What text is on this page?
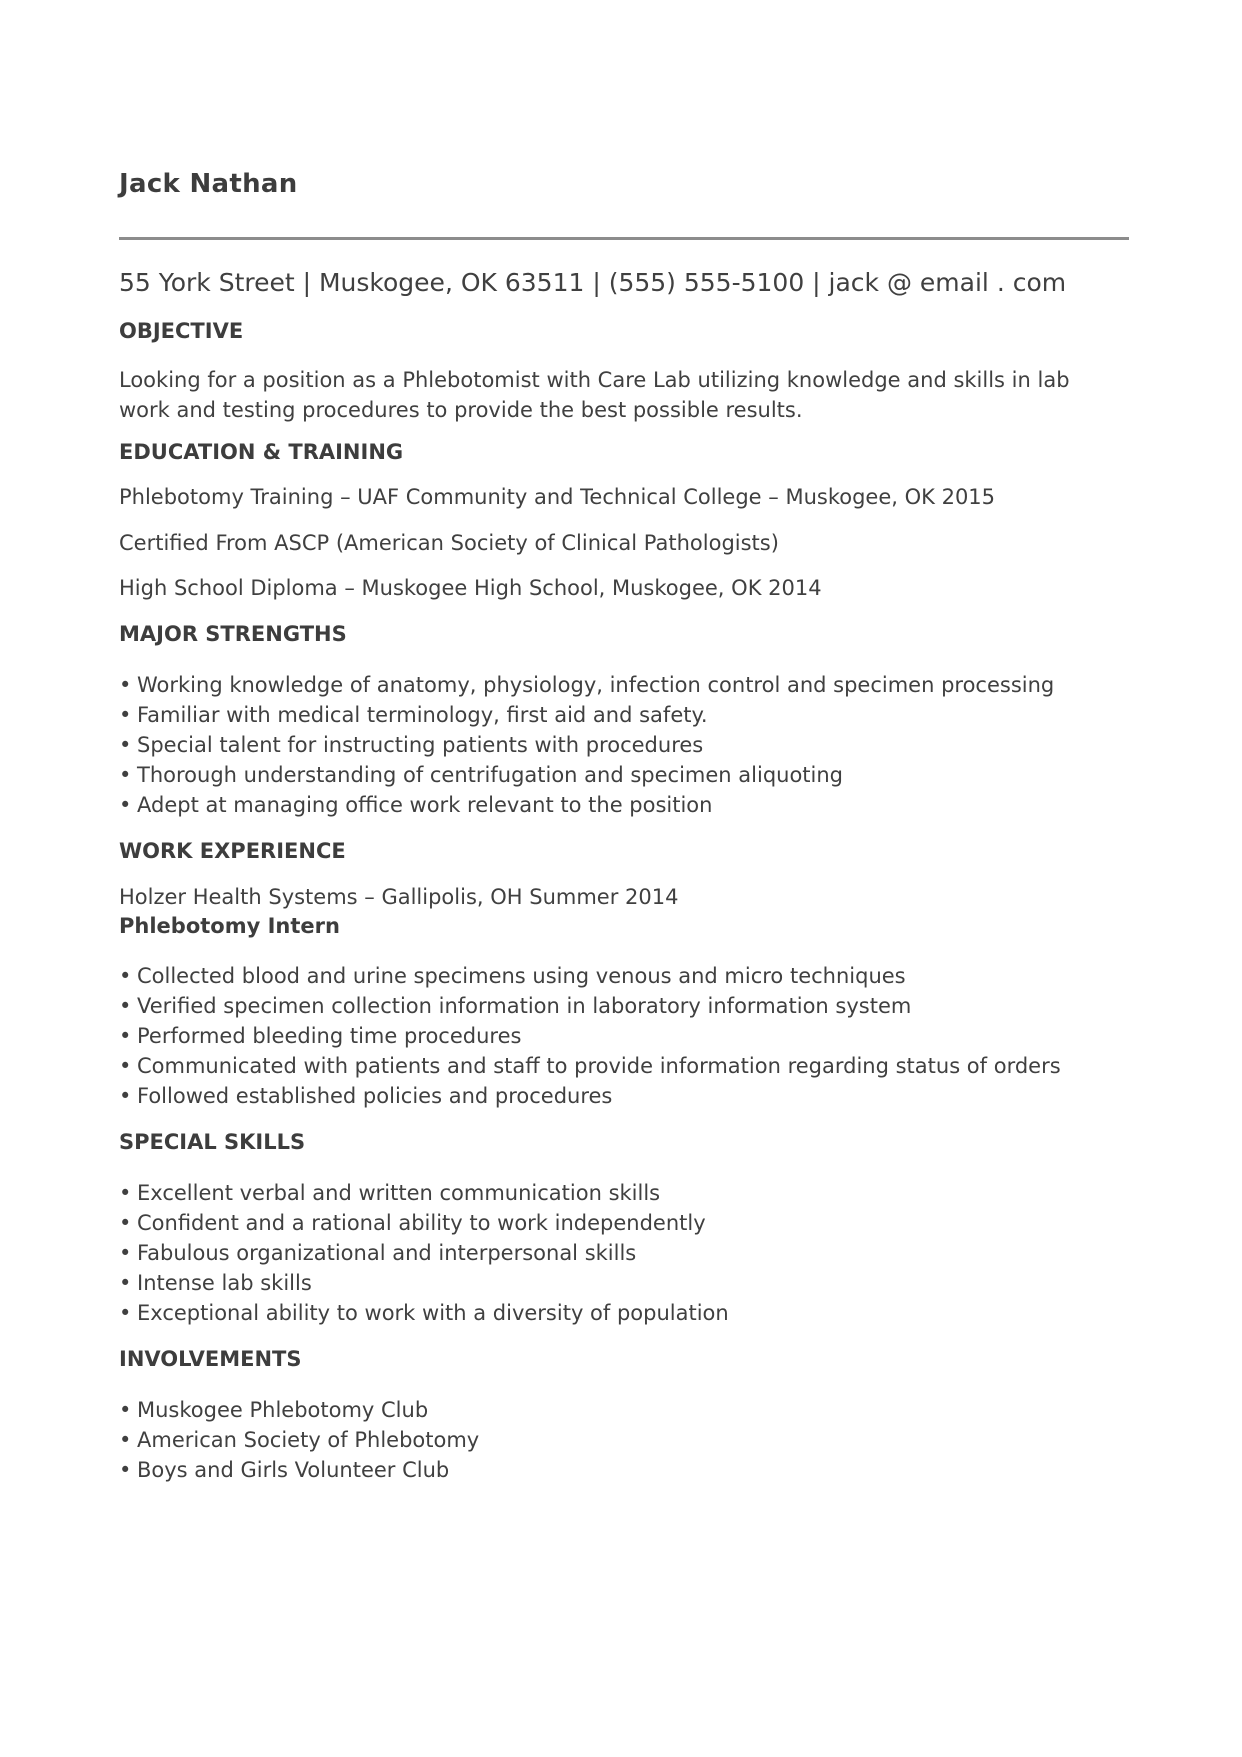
Jack Nathan
55 York Street | Muskogee, OK 63511 | (555) 555-5100 | jack @ email . com
OBJECTIVE

Looking for a position as a Phlebotomist with Care Lab utilizing knowledge and skills in lab
work and testing procedures to provide the best possible results.

EDUCATION & TRAINING

Phlebotomy Training – UAF Community and Technical College – Muskogee, OK 2015

Certified From ASCP (American Society of Clinical Pathologists)

High School Diploma – Muskogee High School, Muskogee, OK 2014

MAJOR STRENGTHS
• Working knowledge of anatomy, physiology, infection control and specimen processing
• Familiar with medical terminology, first aid and safety.
• Special talent for instructing patients with procedures
• Thorough understanding of centrifugation and specimen aliquoting
• Adept at managing office work relevant to the position
WORK EXPERIENCE

Holzer Health Systems – Gallipolis, OH Summer 2014

Phlebotomy Intern
• Collected blood and urine specimens using venous and micro techniques
• Verified specimen collection information in laboratory information system
• Performed bleeding time procedures
• Communicated with patients and staff to provide information regarding status of orders
• Followed established policies and procedures
SPECIAL SKILLS
• Excellent verbal and written communication skills
• Confident and a rational ability to work independently
• Fabulous organizational and interpersonal skills
• Intense lab skills
• Exceptional ability to work with a diversity of population
INVOLVEMENTS
• Muskogee Phlebotomy Club
• American Society of Phlebotomy
• Boys and Girls Volunteer Club
